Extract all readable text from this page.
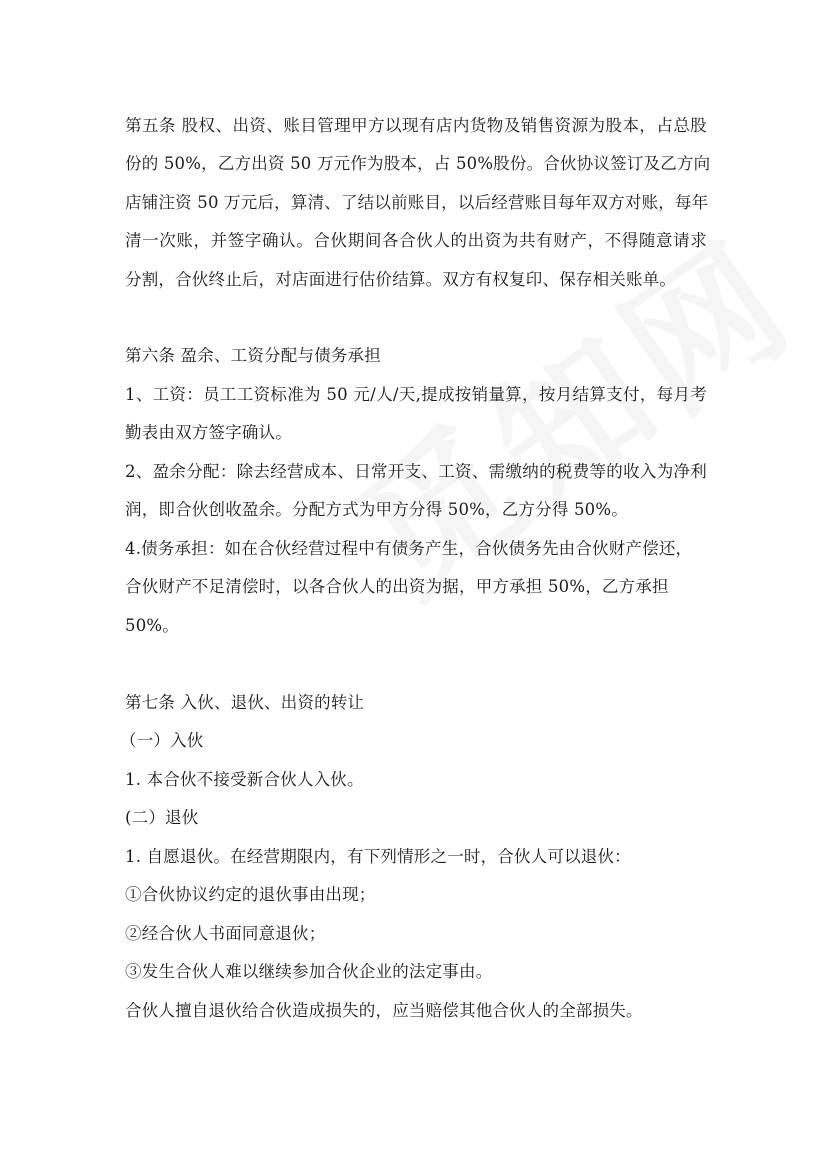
第五条 股权、出资、账目管理甲方以现有店内货物及销售资源为股本，占总股

份的 50%，乙方出资 50 万元作为股本，占 50%股份。合伙协议签订及乙方向

店铺注资 50 万元后，算清、了结以前账目，以后经营账目每年双方对账，每年

清一次账，并签字确认。合伙期间各合伙人的出资为共有财产，不得随意请求

分割，合伙终止后，对店面进行估价结算。双方有权复印、保存相关账单。

第六条 盈余、工资分配与债务承担

1、工资：员工工资标准为 50 元/人/天,提成按销量算，按月结算支付，每月考

勤表由双方签字确认。

2、盈余分配：除去经营成本、日常开支、工资、需缴纳的税费等的收入为净利

润，即合伙创收盈余。分配方式为甲方分得 50%，乙方分得 50%。

4.债务承担：如在合伙经营过程中有债务产生，合伙债务先由合伙财产偿还，

合伙财产不足清偿时，以各合伙人的出资为据，甲方承担 50%，乙方承担

50%。

第七条 入伙、退伙、出资的转让

（一）入伙

1. 本合伙不接受新合伙人入伙。

(二）退伙

1. 自愿退伙。在经营期限内，有下列情形之一时，合伙人可以退伙：

①合伙协议约定的退伙事由出现；

②经合伙人书面同意退伙；

③发生合伙人难以继续参加合伙企业的法定事由。

合伙人擅自退伙给合伙造成损失的，应当赔偿其他合伙人的全部损失。
